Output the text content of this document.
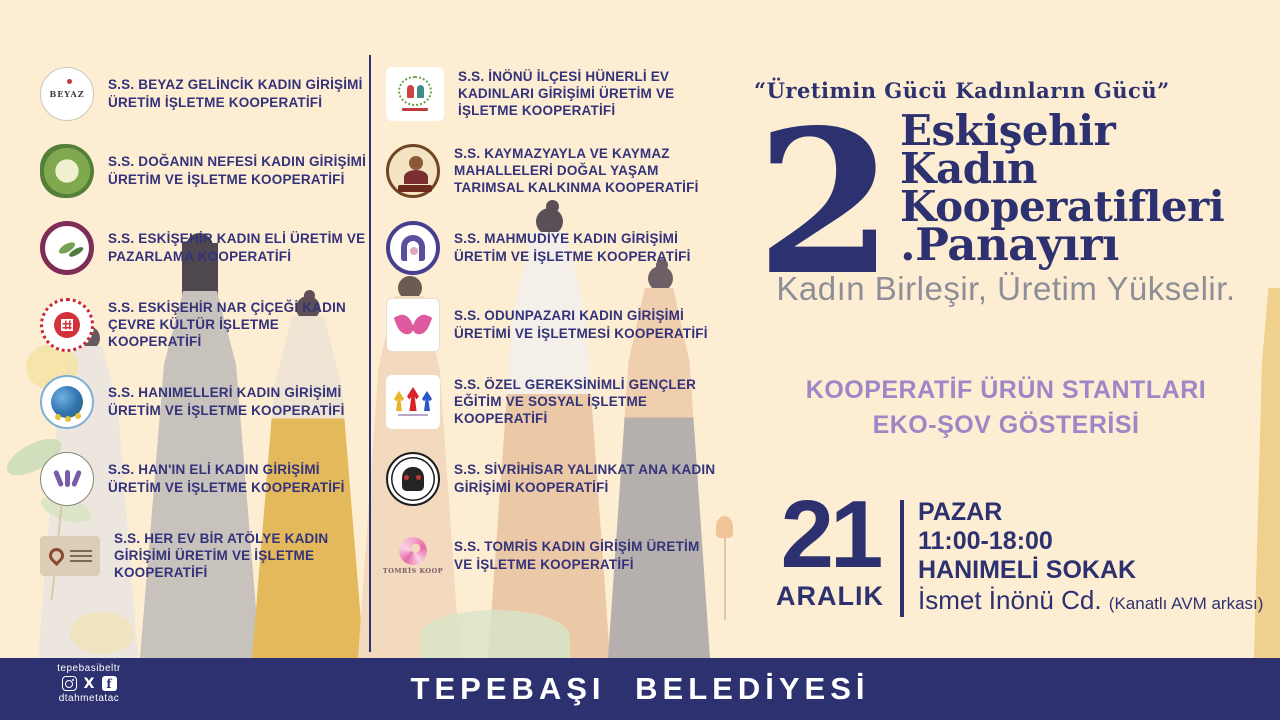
BEYAZ
S.S. BEYAZ GELİNCİK KADIN GİRİŞİMİ ÜRETİM İŞLETME KOOPERATİFİ
S.S. DOĞANIN NEFESİ KADIN GİRİŞİMİ ÜRETİM VE İŞLETME KOOPERATİFİ
S.S. ESKİŞEHİR KADIN ELİ ÜRETİM VE PAZARLAMA KOOPERATİFİ
S.S. ESKİŞEHİR NAR ÇİÇEĞİ KADIN ÇEVRE KÜLTÜR İŞLETME KOOPERATİFİ
S.S. HANIMELLERİ KADIN GİRİŞİMİ ÜRETİM VE İŞLETME KOOPERATİFİ
S.S. HAN'IN ELİ KADIN GİRİŞİMİ ÜRETİM VE İŞLETME KOOPERATİFİ
S.S. HER EV BİR ATÖLYE KADIN GİRİŞİMİ ÜRETİM VE İŞLETME KOOPERATİFİ
S.S. İNÖNÜ İLÇESİ HÜNERLİ EV KADINLARI GİRİŞİMİ ÜRETİM VE İŞLETME KOOPERATİFİ
S.S. KAYMAZYAYLA VE KAYMAZ MAHALLELERİ DOĞAL YAŞAM TARIMSAL KALKINMA KOOPERATİFİ
S.S. MAHMUDİYE KADIN GİRİŞİMİ ÜRETİM VE İŞLETME KOOPERATİFİ
S.S. ODUNPAZARI KADIN GİRİŞİMİ ÜRETİMİ VE İŞLETMESİ KOOPERATİFİ
S.S. ÖZEL GEREKSİNİMLİ GENÇLER EĞİTİM VE SOSYAL İŞLETME KOOPERATİFİ
S.S. SİVRİHİSAR YALINKAT ANA KADIN GİRİŞİMİ KOOPERATİFİ
TOMRİS KOOP
S.S. TOMRİS KADIN GİRİŞİM ÜRETİM VE İŞLETME KOOPERATİFİ
“Üretimin Gücü Kadınların Gücü”
2 Eskişehir
Kadın
Kooperatifleri
.Panayırı
Kadın Birleşir, Üretim Yükselir.
KOOPERATİF ÜRÜN STANTLARI
EKO-ŞOV GÖSTERİSİ
21
ARALIK
PAZAR
11:00-18:00
HANIMELİ SOKAK
İsmet İnönü Cd. (Kanatlı AVM arkası)
tepebasibeltr
X
f
dtahmetatac	TEPEBAŞI BELEDİYESİ
